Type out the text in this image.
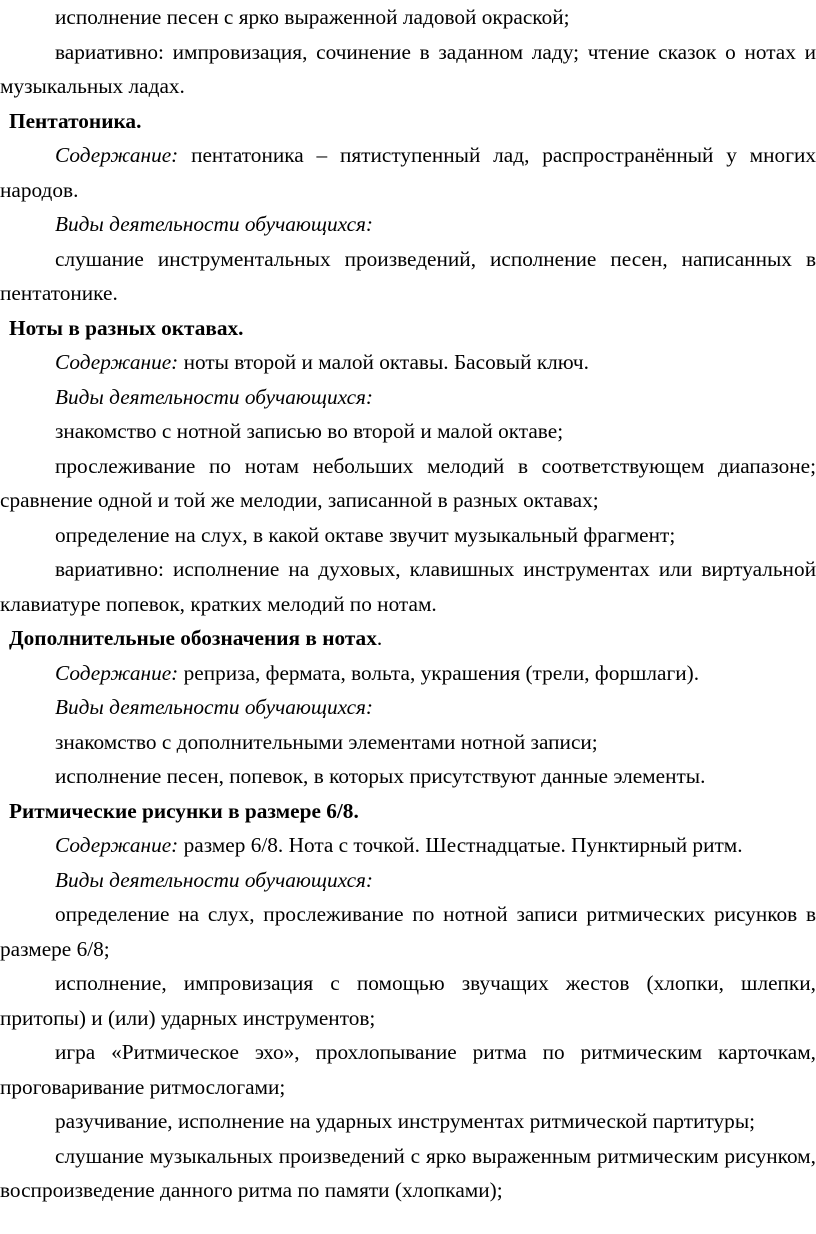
исполнение песен с ярко выраженной ладовой окраской;

вариативно: импровизация, сочинение в заданном ладу; чтение сказок о нотах и музыкальных ладах.

Пентатоника.

Содержание: пентатоника – пятиступенный лад, распространённый у многих народов.

Виды деятельности обучающихся:

слушание инструментальных произведений, исполнение песен, написанных в пентатонике.

Ноты в разных октавах.

Содержание: ноты второй и малой октавы. Басовый ключ.

Виды деятельности обучающихся:

знакомство с нотной записью во второй и малой октаве;

прослеживание по нотам небольших мелодий в соответствующем диапазоне; сравнение одной и той же мелодии, записанной в разных октавах;

определение на слух, в какой октаве звучит музыкальный фрагмент;

вариативно: исполнение на духовых, клавишных инструментах или виртуальной клавиатуре попевок, кратких мелодий по нотам.

Дополнительные обозначения в нотах.

Содержание: реприза, фермата, вольта, украшения (трели, форшлаги).

Виды деятельности обучающихся:

знакомство с дополнительными элементами нотной записи;

исполнение песен, попевок, в которых присутствуют данные элементы.

Ритмические рисунки в размере 6/8.

Содержание: размер 6/8. Нота с точкой. Шестнадцатые. Пунктирный ритм.

Виды деятельности обучающихся:

определение на слух, прослеживание по нотной записи ритмических рисунков в размере 6/8;

исполнение, импровизация с помощью звучащих жестов (хлопки, шлепки, притопы) и (или) ударных инструментов;

игра «Ритмическое эхо», прохлопывание ритма по ритмическим карточкам, проговаривание ритмослогами;

разучивание, исполнение на ударных инструментах ритмической партитуры;

слушание музыкальных произведений с ярко выраженным ритмическим рисунком, воспроизведение данного ритма по памяти (хлопками);
